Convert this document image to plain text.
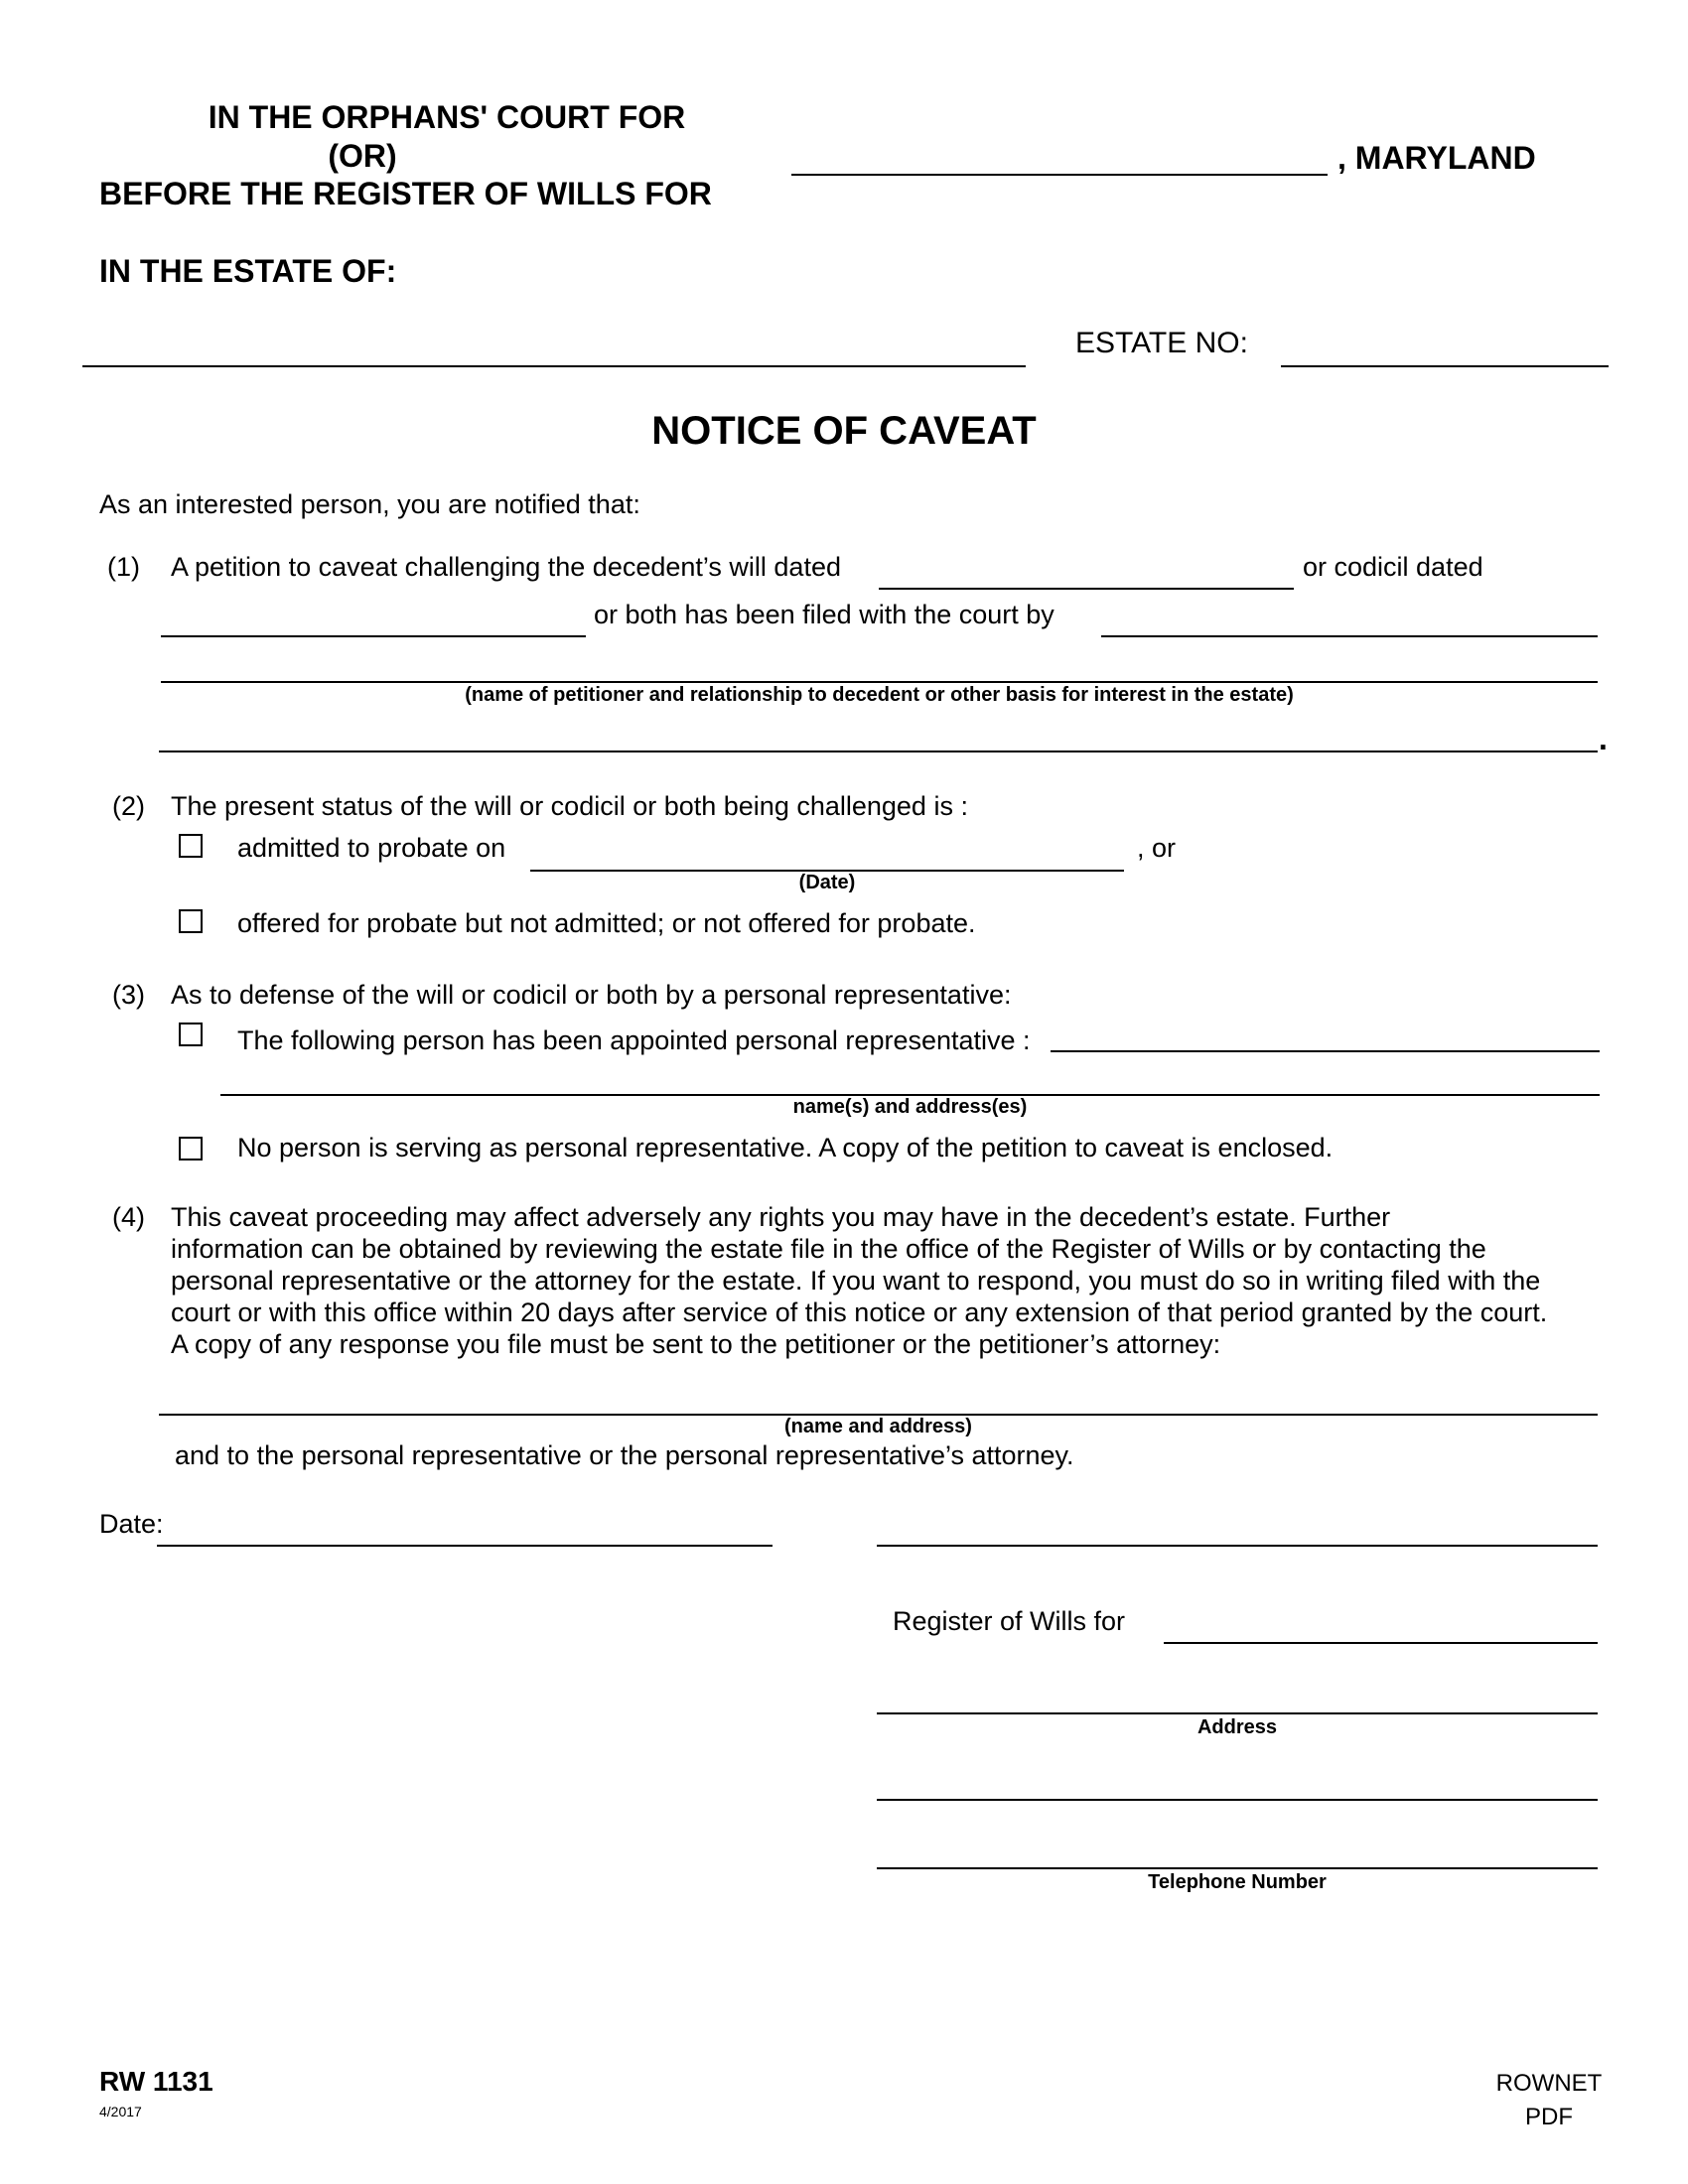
IN THE ORPHANS' COURT FOR
(OR)
BEFORE THE REGISTER OF WILLS FOR
, MARYLAND
IN THE ESTATE OF:
ESTATE NO:
NOTICE OF CAVEAT
As an interested person, you are notified that:
(1) A petition to caveat challenging the decedent’s will dated	or codicil dated
or both has been filed with the court by
(name of petitioner and relationship to decedent or other basis for interest in the estate)
.
(2) The present status of the will or codicil or both being challenged is :
admitted to probate on	, or
(Date)
offered for probate but not admitted; or not offered for probate.
(3) As to defense of the will or codicil or both by a personal representative:
The following person has been appointed personal representative :
name(s) and address(es)
No person is serving as personal representative. A copy of the petition to caveat is enclosed.
(4) This caveat proceeding may affect adversely any rights you may have in the decedent’s estate. Further
information can be obtained by reviewing the estate file in the office of the Register of Wills or by contacting the
personal representative or the attorney for the estate. If you want to respond, you must do so in writing filed with the
court or with this office within 20 days after service of this notice or any extension of that period granted by the court.
A copy of any response you file must be sent to the petitioner or the petitioner’s attorney:
(name and address)
and to the personal representative or the personal representative’s attorney.
Date:
Register of Wills for
Address
Telephone Number
RW 1131
4/2017
ROWNET
PDF
